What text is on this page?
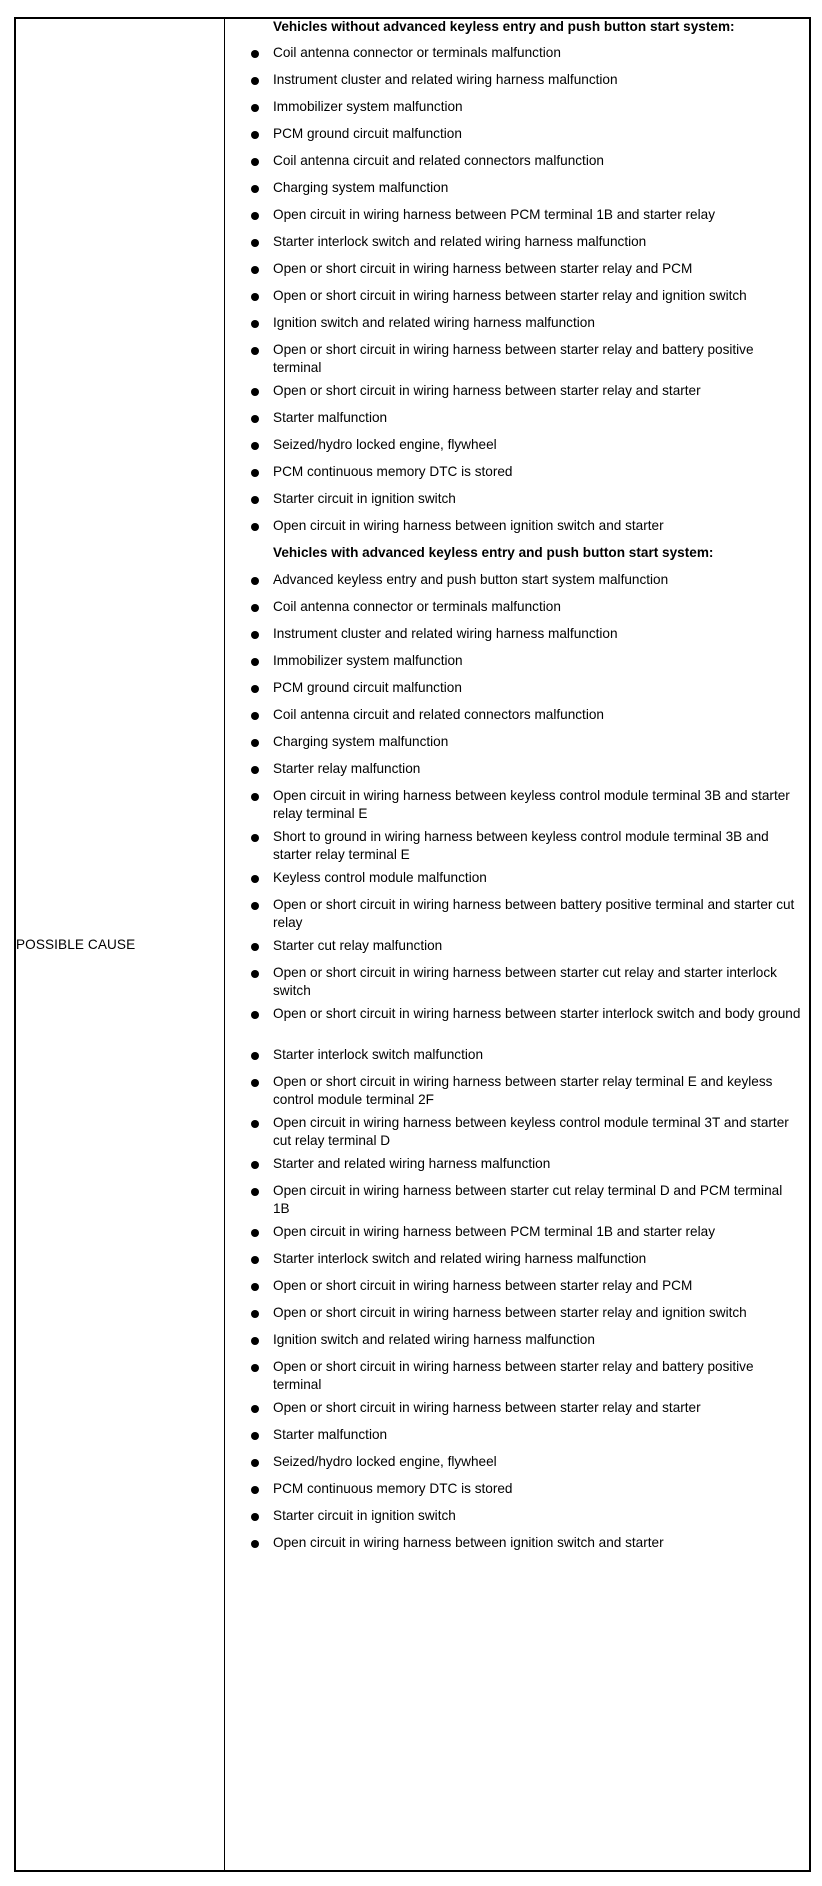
POSSIBLE CAUSE
Vehicles without advanced keyless entry and push button start system:
Coil antenna connector or terminals malfunction
Instrument cluster and related wiring harness malfunction
Immobilizer system malfunction
PCM ground circuit malfunction
Coil antenna circuit and related connectors malfunction
Charging system malfunction
Open circuit in wiring harness between PCM terminal 1B and starter relay
Starter interlock switch and related wiring harness malfunction
Open or short circuit in wiring harness between starter relay and PCM
Open or short circuit in wiring harness between starter relay and ignition switch
Ignition switch and related wiring harness malfunction
Open or short circuit in wiring harness between starter relay and battery positive terminal
Open or short circuit in wiring harness between starter relay and starter
Starter malfunction
Seized/hydro locked engine, flywheel
PCM continuous memory DTC is stored
Starter circuit in ignition switch
Open circuit in wiring harness between ignition switch and starter
Vehicles with advanced keyless entry and push button start system:
Advanced keyless entry and push button start system malfunction
Coil antenna connector or terminals malfunction
Instrument cluster and related wiring harness malfunction
Immobilizer system malfunction
PCM ground circuit malfunction
Coil antenna circuit and related connectors malfunction
Charging system malfunction
Starter relay malfunction
Open circuit in wiring harness between keyless control module terminal 3B and starter relay terminal E
Short to ground in wiring harness between keyless control module terminal 3B and starter relay terminal E
Keyless control module malfunction
Open or short circuit in wiring harness between battery positive terminal and starter cut relay
Starter cut relay malfunction
Open or short circuit in wiring harness between starter cut relay and starter interlock switch
Open or short circuit in wiring harness between starter interlock switch and body ground
Starter interlock switch malfunction
Open or short circuit in wiring harness between starter relay terminal E and keyless control module terminal 2F
Open circuit in wiring harness between keyless control module terminal 3T and starter cut relay terminal D
Starter and related wiring harness malfunction
Open circuit in wiring harness between starter cut relay terminal D and PCM terminal 1B
Open circuit in wiring harness between PCM terminal 1B and starter relay
Starter interlock switch and related wiring harness malfunction
Open or short circuit in wiring harness between starter relay and PCM
Open or short circuit in wiring harness between starter relay and ignition switch
Ignition switch and related wiring harness malfunction
Open or short circuit in wiring harness between starter relay and battery positive terminal
Open or short circuit in wiring harness between starter relay and starter
Starter malfunction
Seized/hydro locked engine, flywheel
PCM continuous memory DTC is stored
Starter circuit in ignition switch
Open circuit in wiring harness between ignition switch and starter
